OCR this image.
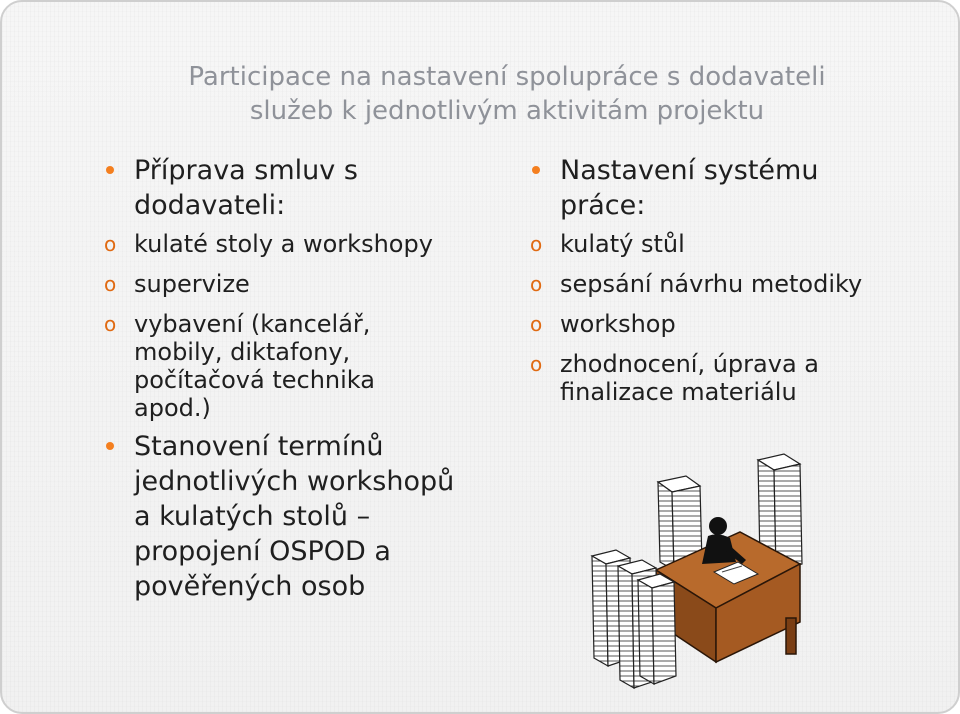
Participace na nastavení spolupráce s dodavateli
služeb k jednotlivým aktivitám projektu
Příprava smluv s
dodavateli:
o kulaté stoly a workshopy
o supervize
o vybavení (kancelář,
mobily, diktafony,
počítačová technika
apod.)
Stanovení termínů
jednotlivých workshopů
a kulatých stolů –
propojení OSPOD a
pověřených osob
Nastavení systému
práce:
o kulatý stůl
o sepsání návrhu metodiky
o workshop
o zhodnocení, úprava a
finalizace materiálu
